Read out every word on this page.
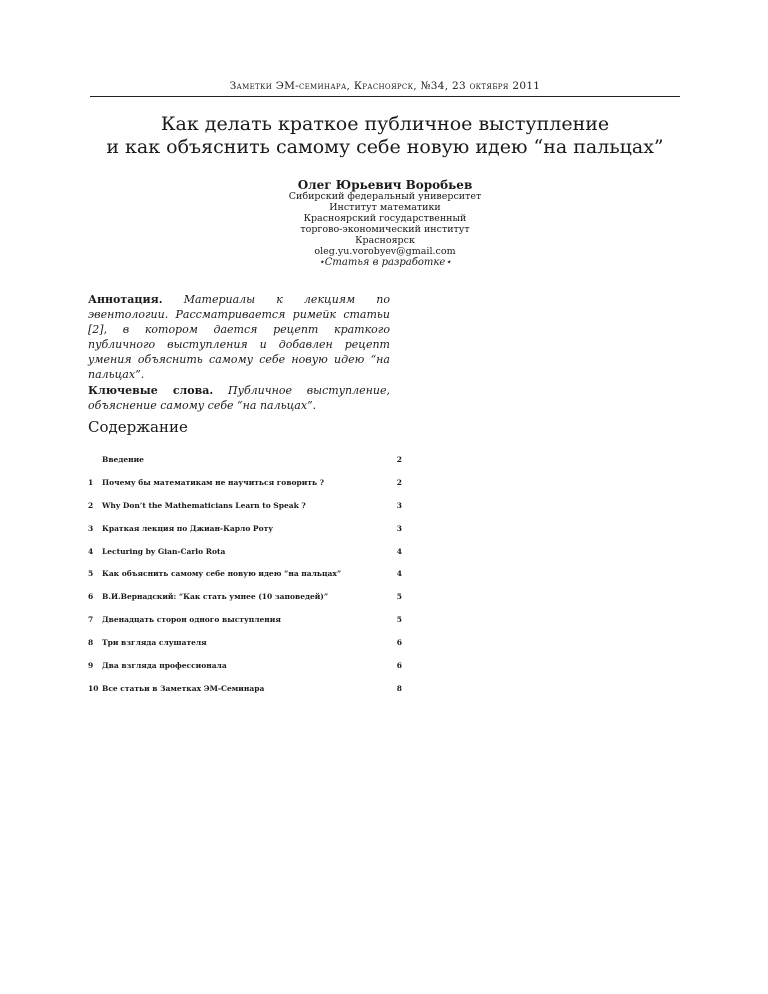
Заметки ЭМ-семинара, Красноярск, №34, 23 октября 2011
Как делать краткое публичное выступление
и как объяснить самому себе новую идею “на пальцах”
Олег Юрьевич Воробьев
Сибирский федеральный университет
Институт математики
Красноярский государственный
торгово-экономический институт
Красноярск
oleg.yu.vorobyev@gmail.com
⋆Статья в разработке⋆

Аннотация. Материалы к лекциям по эвентологии. Рассматривается римейк статьи [2], в котором дается рецепт краткого публичного выступления и добавлен рецепт умения объяснить самому себе новую идею “на пальцах”.

Ключевые слова. Публичное выступление, объяснение самому себе “на пальцах”.

Содержание
Введение	2
1	Почему бы математикам не научиться говорить ?	2
2	Why Don’t the Mathematicians Learn to Speak ?	3
3	Краткая лекция по Джиан-Карло Роту	3
4	Lecturing by Gian-Carlo Rota	4
5	Как объяснить самому себе новую идею “на пальцах”	4
6	В.И.Вернадский: “Как стать умнее (10 заповедей)”	5
7	Двенадцать сторон одного выступления	5
8	Три взгляда слушателя	6
9	Два взгляда профессионала	6
10 Все статьи в Заметках ЭМ-Семинара	8
